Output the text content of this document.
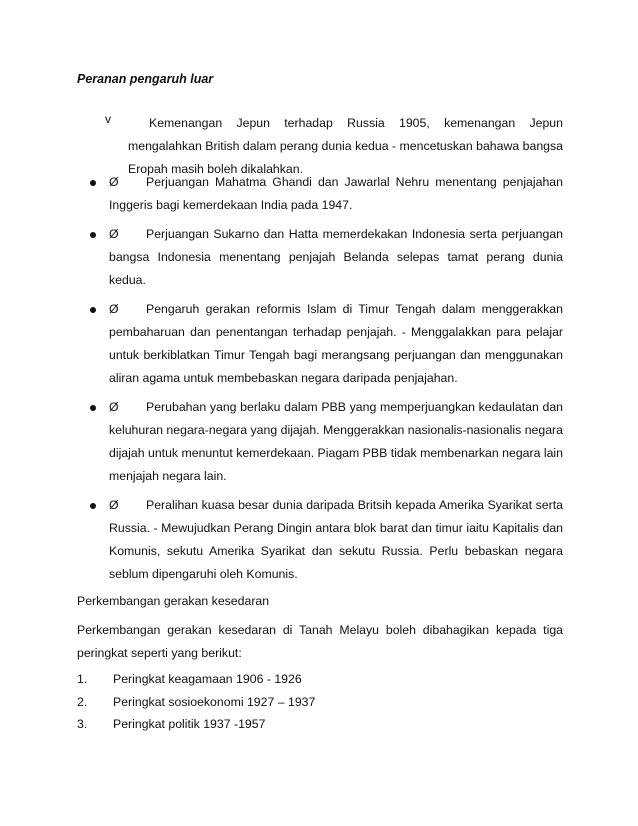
Peranan pengaruh luar
v	Kemenangan Jepun terhadap Russia 1905, kemenangan Jepun mengalahkan British dalam perang dunia kedua - mencetuskan bahawa bangsa Eropah masih boleh dikalahkan.
Ø Perjuangan Mahatma Ghandi dan Jawarlal Nehru menentang penjajahan Inggeris bagi kemerdekaan India pada 1947.
Ø Perjuangan Sukarno dan Hatta memerdekakan Indonesia serta perjuangan bangsa Indonesia menentang penjajah Belanda selepas tamat perang dunia kedua.
Ø Pengaruh gerakan reformis Islam di Timur Tengah dalam menggerakkan pembaharuan dan penentangan terhadap penjajah. - Menggalakkan para pelajar untuk berkiblatkan Timur Tengah bagi merangsang perjuangan dan menggunakan aliran agama untuk membebaskan negara daripada penjajahan.
Ø Perubahan yang berlaku dalam PBB yang memperjuangkan kedaulatan dan keluhuran negara-negara yang dijajah. Menggerakkan nasionalis-nasionalis negara dijajah untuk menuntut kemerdekaan. Piagam PBB tidak membenarkan negara lain menjajah negara lain.
Ø Peralihan kuasa besar dunia daripada Britsih kepada Amerika Syarikat serta Russia. - Mewujudkan Perang Dingin antara blok barat dan timur iaitu Kapitalis dan Komunis, sekutu Amerika Syarikat dan sekutu Russia. Perlu bebaskan negara seblum dipengaruhi oleh Komunis.
Perkembangan gerakan kesedaran
Perkembangan gerakan kesedaran di Tanah Melayu boleh dibahagikan kepada tiga peringkat seperti yang berikut:
1. Peringkat keagamaan 1906 - 1926
2. Peringkat sosioekonomi 1927 – 1937
3. Peringkat politik 1937 -1957
